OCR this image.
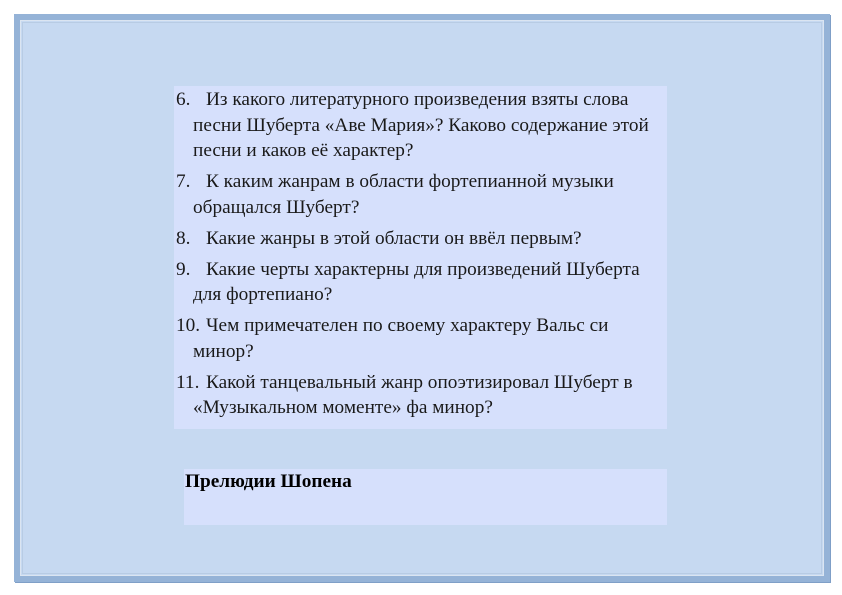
6. Из какого литературного произведения взяты слова песни Шуберта «Аве Мария»? Каково содержание этой песни и каков её характер?
7. К каким жанрам в области фортепианной музыки обращался Шуберт?
8. Какие жанры в этой области он ввёл первым?
9. Какие черты характерны для произведений Шуберта для фортепиано?
10. Чем примечателен по своему характеру Вальс си минор?
11. Какой танцевальный жанр опоэтизировал Шуберт в «Музыкальном моменте» фа минор?
Прелюдии Шопена
